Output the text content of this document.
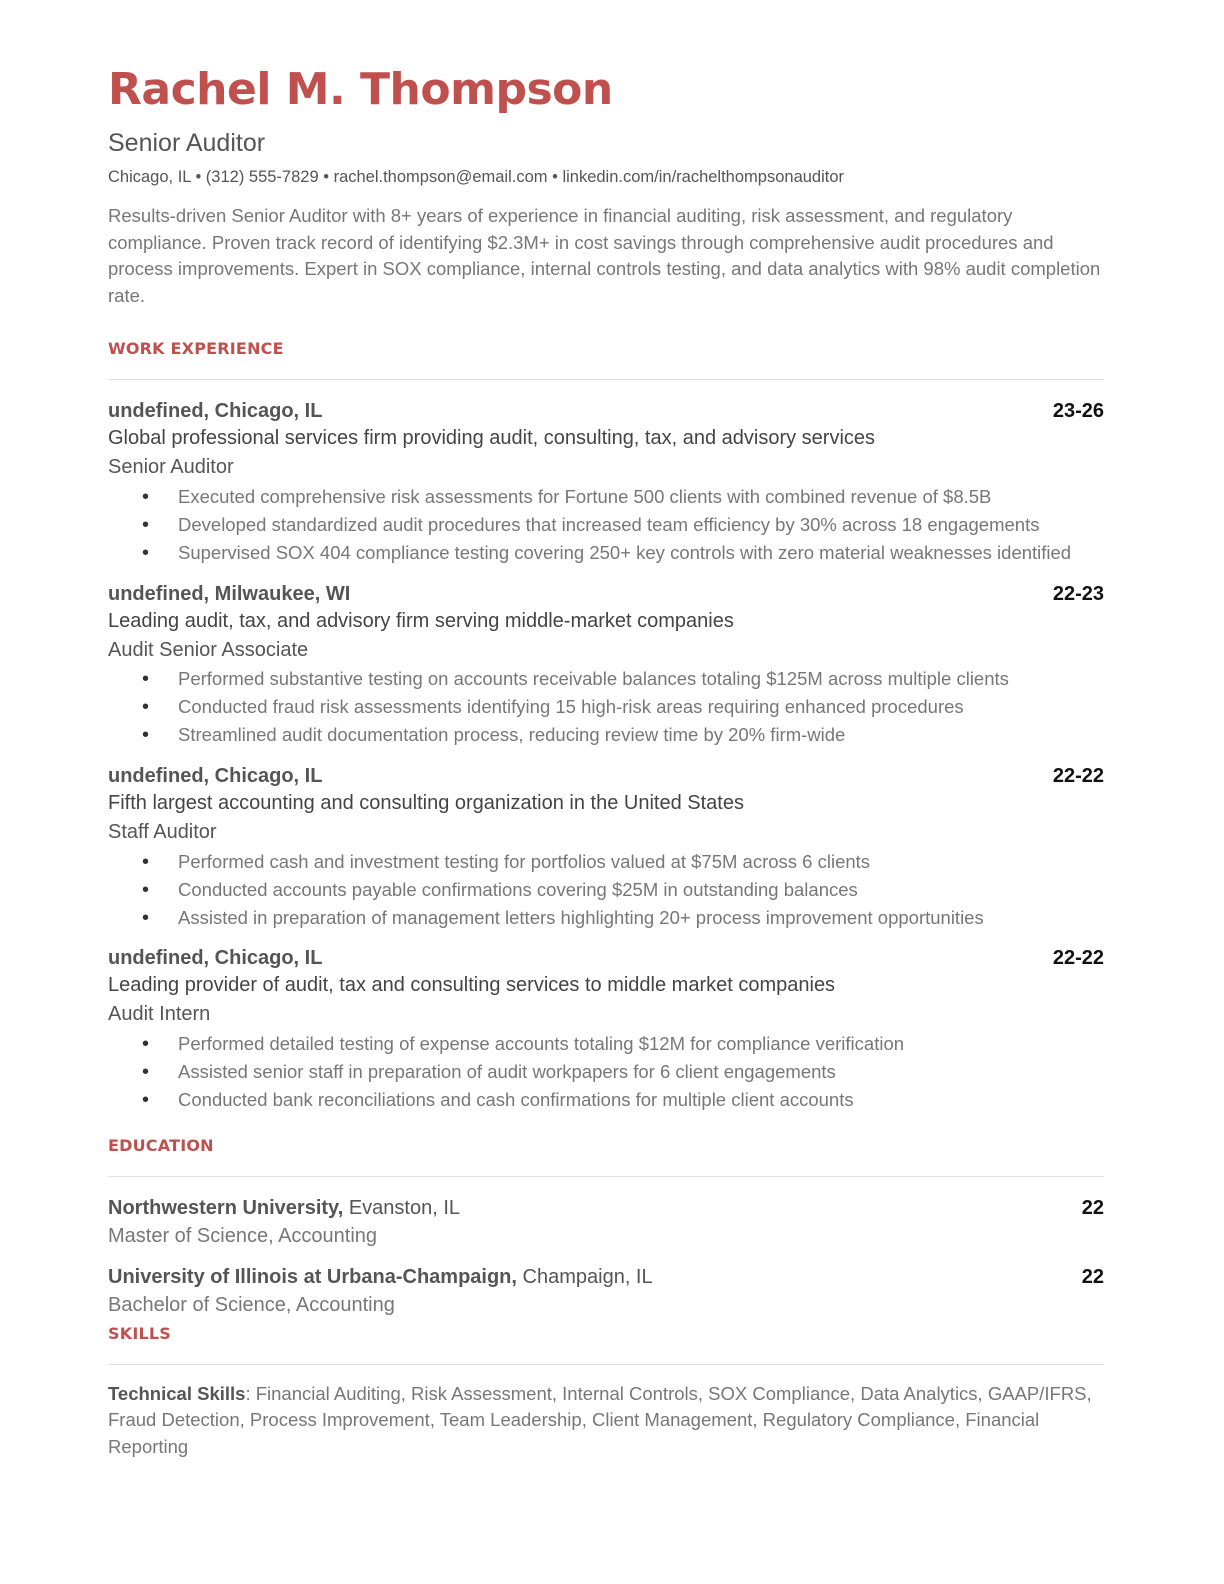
Rachel M. Thompson
Senior Auditor
Chicago, IL • (312) 555-7829 • rachel.thompson@email.com • linkedin.com/in/rachelthompsonauditor
Results-driven Senior Auditor with 8+ years of experience in financial auditing, risk assessment, and regulatory compliance. Proven track record of identifying $2.3M+ in cost savings through comprehensive audit procedures and process improvements. Expert in SOX compliance, internal controls testing, and data analytics with 98% audit completion rate.
WORK EXPERIENCE
undefined, Chicago, IL	23-26
Global professional services firm providing audit, consulting, tax, and advisory services
Senior Auditor
• Executed comprehensive risk assessments for Fortune 500 clients with combined revenue of $8.5B
• Developed standardized audit procedures that increased team efficiency by 30% across 18 engagements
• Supervised SOX 404 compliance testing covering 250+ key controls with zero material weaknesses identified
undefined, Milwaukee, WI	22-23
Leading audit, tax, and advisory firm serving middle-market companies
Audit Senior Associate
• Performed substantive testing on accounts receivable balances totaling $125M across multiple clients
• Conducted fraud risk assessments identifying 15 high-risk areas requiring enhanced procedures
• Streamlined audit documentation process, reducing review time by 20% firm-wide
undefined, Chicago, IL	22-22
Fifth largest accounting and consulting organization in the United States
Staff Auditor
• Performed cash and investment testing for portfolios valued at $75M across 6 clients
• Conducted accounts payable confirmations covering $25M in outstanding balances
• Assisted in preparation of management letters highlighting 20+ process improvement opportunities
undefined, Chicago, IL	22-22
Leading provider of audit, tax and consulting services to middle market companies
Audit Intern
• Performed detailed testing of expense accounts totaling $12M for compliance verification
• Assisted senior staff in preparation of audit workpapers for 6 client engagements
• Conducted bank reconciliations and cash confirmations for multiple client accounts
EDUCATION
Northwestern University, Evanston, IL	22
Master of Science, Accounting
University of Illinois at Urbana-Champaign, Champaign, IL	22
Bachelor of Science, Accounting
SKILLS
Technical Skills: Financial Auditing, Risk Assessment, Internal Controls, SOX Compliance, Data Analytics, GAAP/IFRS, Fraud Detection, Process Improvement, Team Leadership, Client Management, Regulatory Compliance, Financial Reporting
